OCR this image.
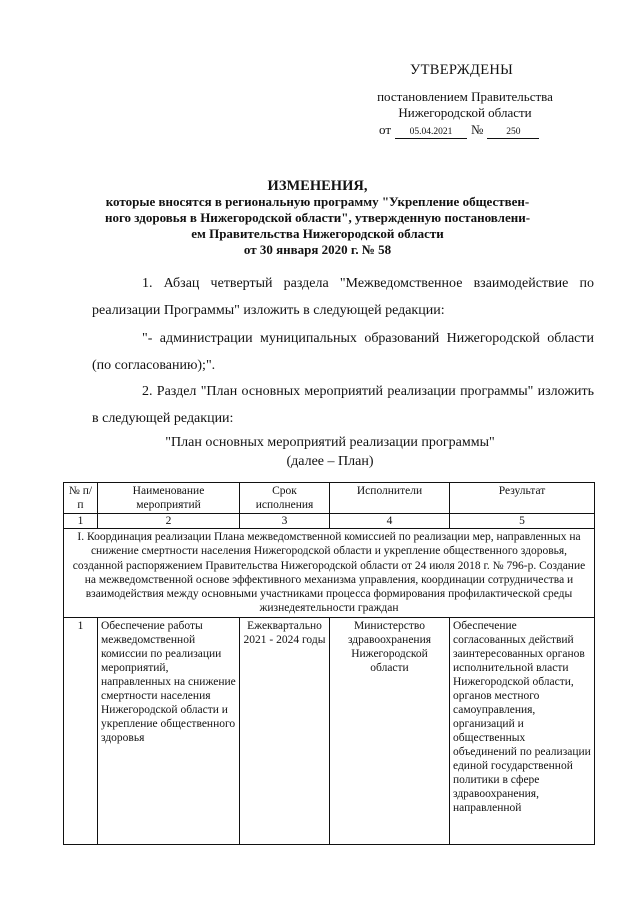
УТВЕРЖДЕНЫ
постановлением Правительства
Нижегородской области
от 05.04.2021 № 250
ИЗМЕНЕНИЯ,
которые вносятся в региональную программу "Укрепление обществен-
ного здоровья в Нижегородской области", утвержденную постановлени-
ем Правительства Нижегородской области
от 30 января 2020 г. № 58
1. Абзац четвертый раздела "Межведомственное взаимодействие по реализации Программы" изложить в следующей редакции:
"- администрации муниципальных образований Нижегородской области (по согласованию);".
2. Раздел "План основных мероприятий реализации программы" изложить в следующей редакции:
"План основных мероприятий реализации программы"
(далее – План)
№ п/п	Наименование мероприятий	Срок исполнения	Исполнители	Результат
1	2	3	4	5
I. Координация реализации Плана межведомственной комиссией по реализации мер, направленных на снижение смертности населения Нижегородской области и укрепление общественного здоровья, созданной распоряжением Правительства Нижегородской области от 24 июля 2018 г. № 796-р. Создание на межведомственной основе эффективного механизма управления, координации сотрудничества и взаимодействия между основными участниками процесса формирования профилактической среды жизнедеятельности граждан				
1	Обеспечение работы межведомственной комиссии по реализации мероприятий, направленных на снижение смертности населения Нижегородской области и укрепление общественного здоровья	Ежеквартально 2021 - 2024 годы	Министерство здравоохранения Нижегородской области	Обеспечение согласованных действий заинтересованных органов исполнительной власти Нижегородской области, органов местного самоуправления, организаций и общественных объединений по реализации единой государственной политики в сфере здравоохранения, направленной
